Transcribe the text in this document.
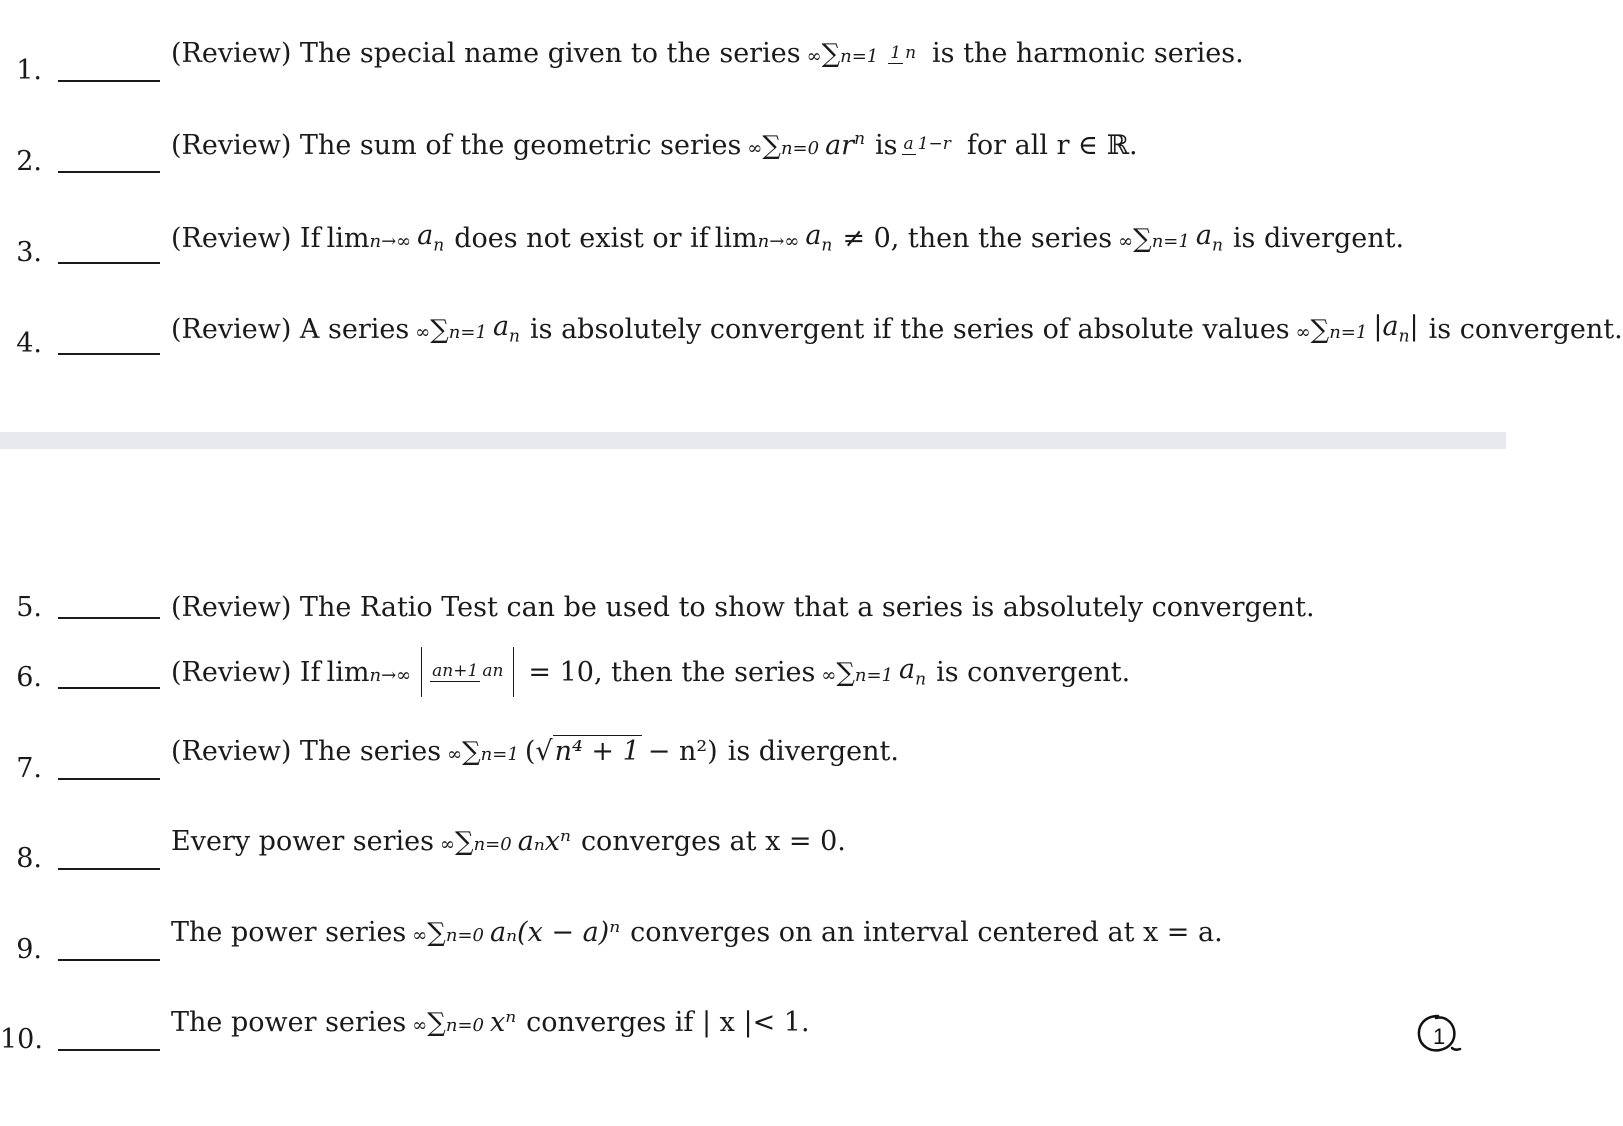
1.
(Review) The special name given to the series ∞∑n=1 1 n is the harmonic series.
2.
(Review) The sum of the geometric series ∞∑n=0 $ar^n$ is a 1−r for all r ∈ ℝ.
3.	(Review) If limn→∞ $a_n$ does not exist or if limn→∞ $a_n \ne 0$, then the series ∞∑n=1 $a_n$ is divergent.
4.	(Review) A series ∞∑n=1 $a_n$ is absolutely convergent if the series of absolute values ∞∑n=1 $|a_n|$ is convergent.
5.	(Review) The Ratio Test can be used to show that a series is absolutely convergent.
6.	(Review) If limn→∞ an+1 an = 10, then the series ∞∑n=1 $a_n$ is convergent.
7.
(Review) The series ∞∑n=1 (√n⁴ + 1 − n²) is divergent.
8.
Every power series ∞∑n=0 aₙxⁿ converges at x = 0.
9.
The power series ∞∑n=0 aₙ(x − a)ⁿ converges on an interval centered at x = a.
10.
The power series ∞∑n=0 xⁿ converges if | x |< 1.	1
